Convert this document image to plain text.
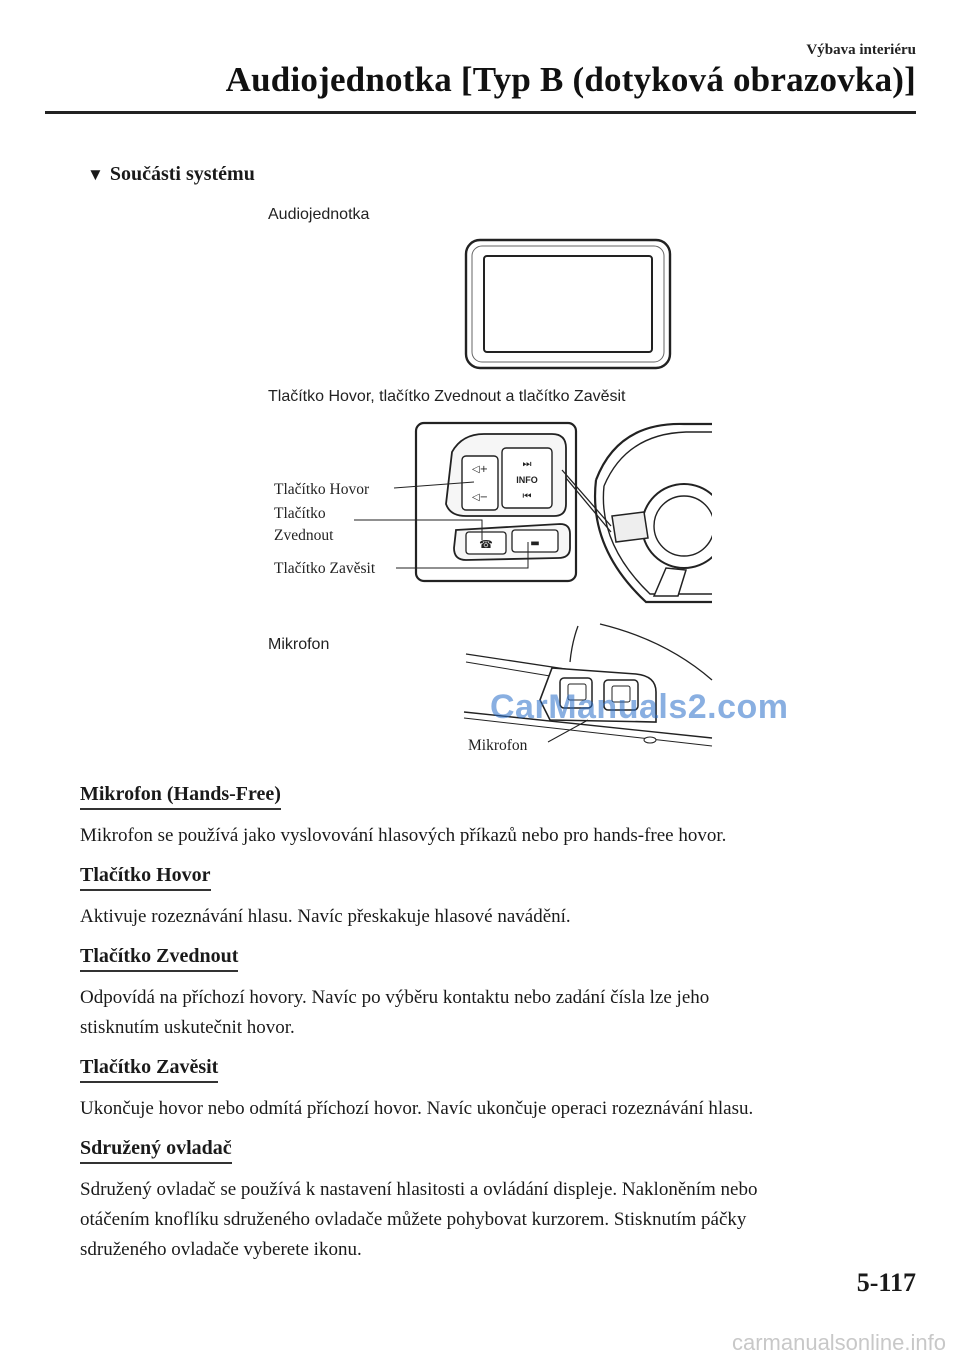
Výbava interiéru
Audiojednotka [Typ B (dotyková obrazovka)]
▼ Součásti systému
Audiojednotka
Tlačítko Hovor, tlačítko Zvednout a tlačítko Zavěsit
INFO
⏭
⏮
◁+
◁−
☎	▬
Tlačítko Hovor
Tlačítko
Zvednout
Tlačítko Zavěsit
Mikrofon
Mikrofon
CarManuals2.com
Mikrofon (Hands-Free)

Mikrofon se používá jako vyslovování hlasových příkazů nebo pro hands-free hovor.

Tlačítko Hovor

Aktivuje rozeznávání hlasu. Navíc přeskakuje hlasové navádění.

Tlačítko Zvednout

Odpovídá na příchozí hovory. Navíc po výběru kontaktu nebo zadání čísla lze jeho
stisknutím uskutečnit hovor.

Tlačítko Zavěsit

Ukončuje hovor nebo odmítá příchozí hovor. Navíc ukončuje operaci rozeznávání hlasu.

Sdružený ovladač

Sdružený ovladač se používá k nastavení hlasitosti a ovládání displeje. Nakloněním nebo
otáčením knoflíku sdruženého ovladače můžete pohybovat kurzorem. Stisknutím páčky
sdruženého ovladače vyberete ikonu.

5-117
carmanualsonline.info
